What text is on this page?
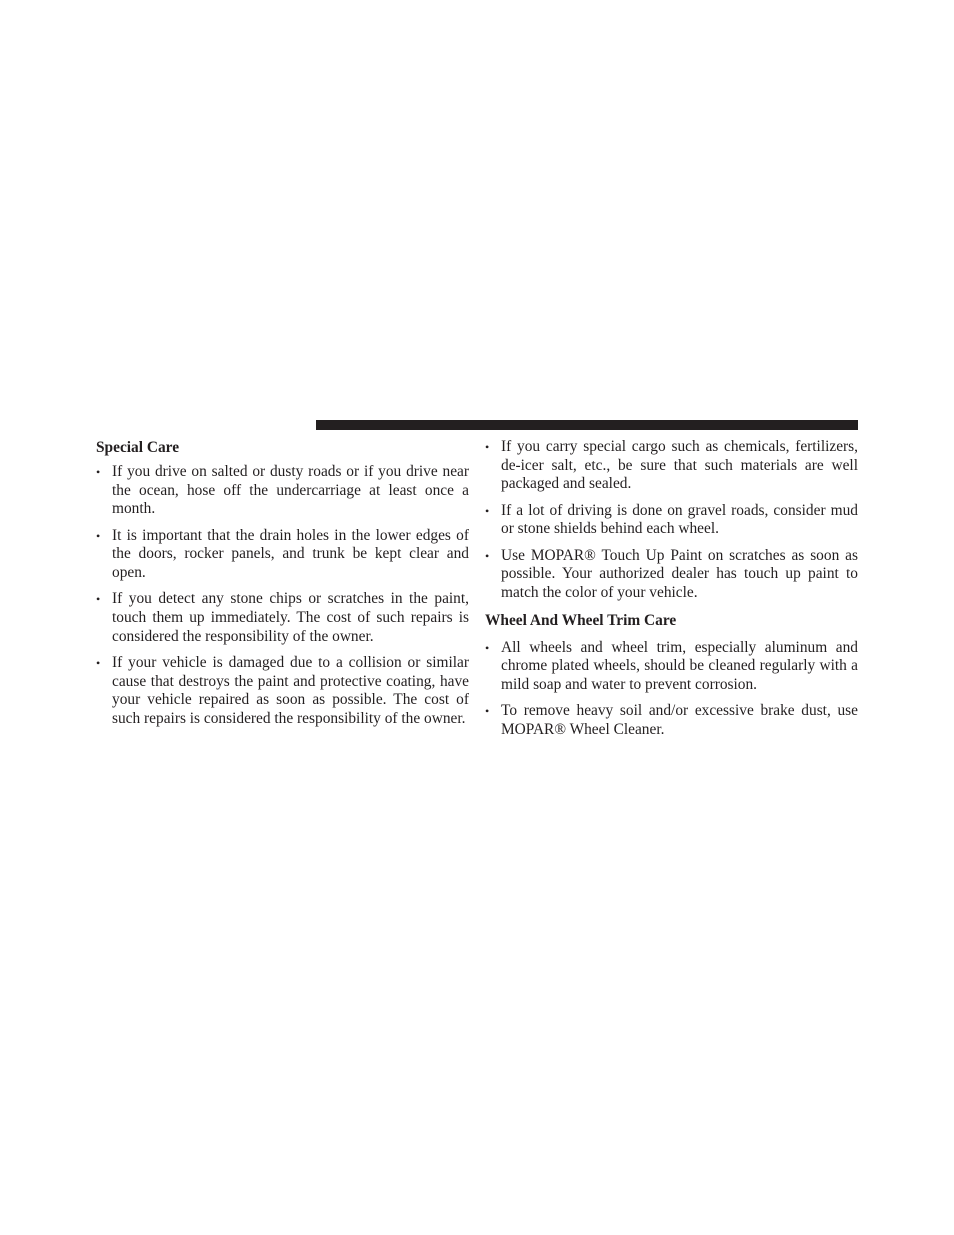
Special Care
• If you drive on salted or dusty roads or if you drive near the ocean, hose off the undercarriage at least once a month.
• It is important that the drain holes in the lower edges of the doors, rocker panels, and trunk be kept clear and open.
• If you detect any stone chips or scratches in the paint, touch them up immediately. The cost of such repairs is considered the responsibility of the owner.
• If your vehicle is damaged due to a collision or similar cause that destroys the paint and protective coating, have your vehicle repaired as soon as possible. The cost of such repairs is considered the responsibility of the owner.
• If you carry special cargo such as chemicals, fertilizers, de-icer salt, etc., be sure that such materials are well packaged and sealed.
• If a lot of driving is done on gravel roads, consider mud or stone shields behind each wheel.
• Use MOPAR® Touch Up Paint on scratches as soon as possible. Your authorized dealer has touch up paint to match the color of your vehicle.
Wheel And Wheel Trim Care
• All wheels and wheel trim, especially aluminum and chrome plated wheels, should be cleaned regularly with a mild soap and water to prevent corrosion.
• To remove heavy soil and/or excessive brake dust, use MOPAR® Wheel Cleaner.
